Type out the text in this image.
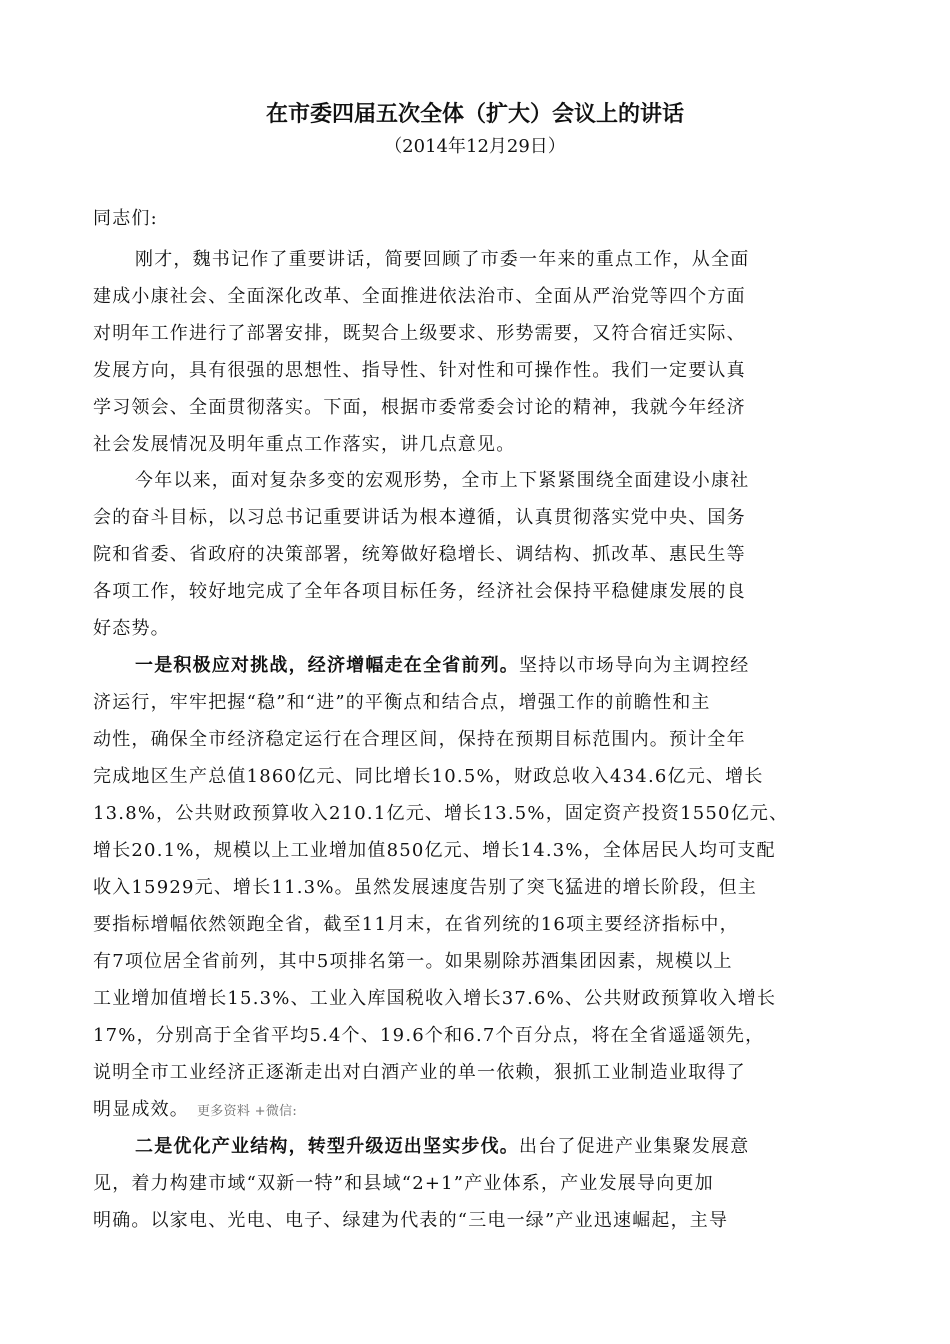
在市委四届五次全体（扩大）会议上的讲话
（2014年12月29日）
同志们:
刚才，魏书记作了重要讲话，简要回顾了市委一年来的重点工作，从全面
建成小康社会、全面深化改革、全面推进依法治市、全面从严治党等四个方面
对明年工作进行了部署安排，既契合上级要求、形势需要，又符合宿迁实际、
发展方向，具有很强的思想性、指导性、针对性和可操作性。我们一定要认真
学习领会、全面贯彻落实。下面，根据市委常委会讨论的精神，我就今年经济
社会发展情况及明年重点工作落实，讲几点意见。
今年以来，面对复杂多变的宏观形势，全市上下紧紧围绕全面建设小康社
会的奋斗目标，以习总书记重要讲话为根本遵循，认真贯彻落实党中央、国务
院和省委、省政府的决策部署，统筹做好稳增长、调结构、抓改革、惠民生等
各项工作，较好地完成了全年各项目标任务，经济社会保持平稳健康发展的良
好态势。
一是积极应对挑战，经济增幅走在全省前列。坚持以市场导向为主调控经
济运行，牢牢把握“稳”和“进”的平衡点和结合点，增强工作的前瞻性和主
动性，确保全市经济稳定运行在合理区间，保持在预期目标范围内。预计全年
完成地区生产总值1860亿元、同比增长10.5%，财政总收入434.6亿元、增长
13.8%，公共财政预算收入210.1亿元、增长13.5%，固定资产投资1550亿元、
增长20.1%，规模以上工业增加值850亿元、增长14.3%，全体居民人均可支配
收入15929元、增长11.3%。虽然发展速度告别了突飞猛进的增长阶段，但主
要指标增幅依然领跑全省，截至11月末，在省列统的16项主要经济指标中，
有7项位居全省前列，其中5项排名第一。如果剔除苏酒集团因素，规模以上
工业增加值增长15.3%、工业入库国税收入增长37.6%、公共财政预算收入增长
17%，分别高于全省平均5.4个、19.6个和6.7个百分点，将在全省遥遥领先，
说明全市工业经济正逐渐走出对白酒产业的单一依赖，狠抓工业制造业取得了
明显成效。 更多资料 +微信:
二是优化产业结构，转型升级迈出坚实步伐。出台了促进产业集聚发展意
见，着力构建市域“双新一特”和县域“2+1”产业体系，产业发展导向更加
明确。以家电、光电、电子、绿建为代表的“三电一绿”产业迅速崛起，主导
